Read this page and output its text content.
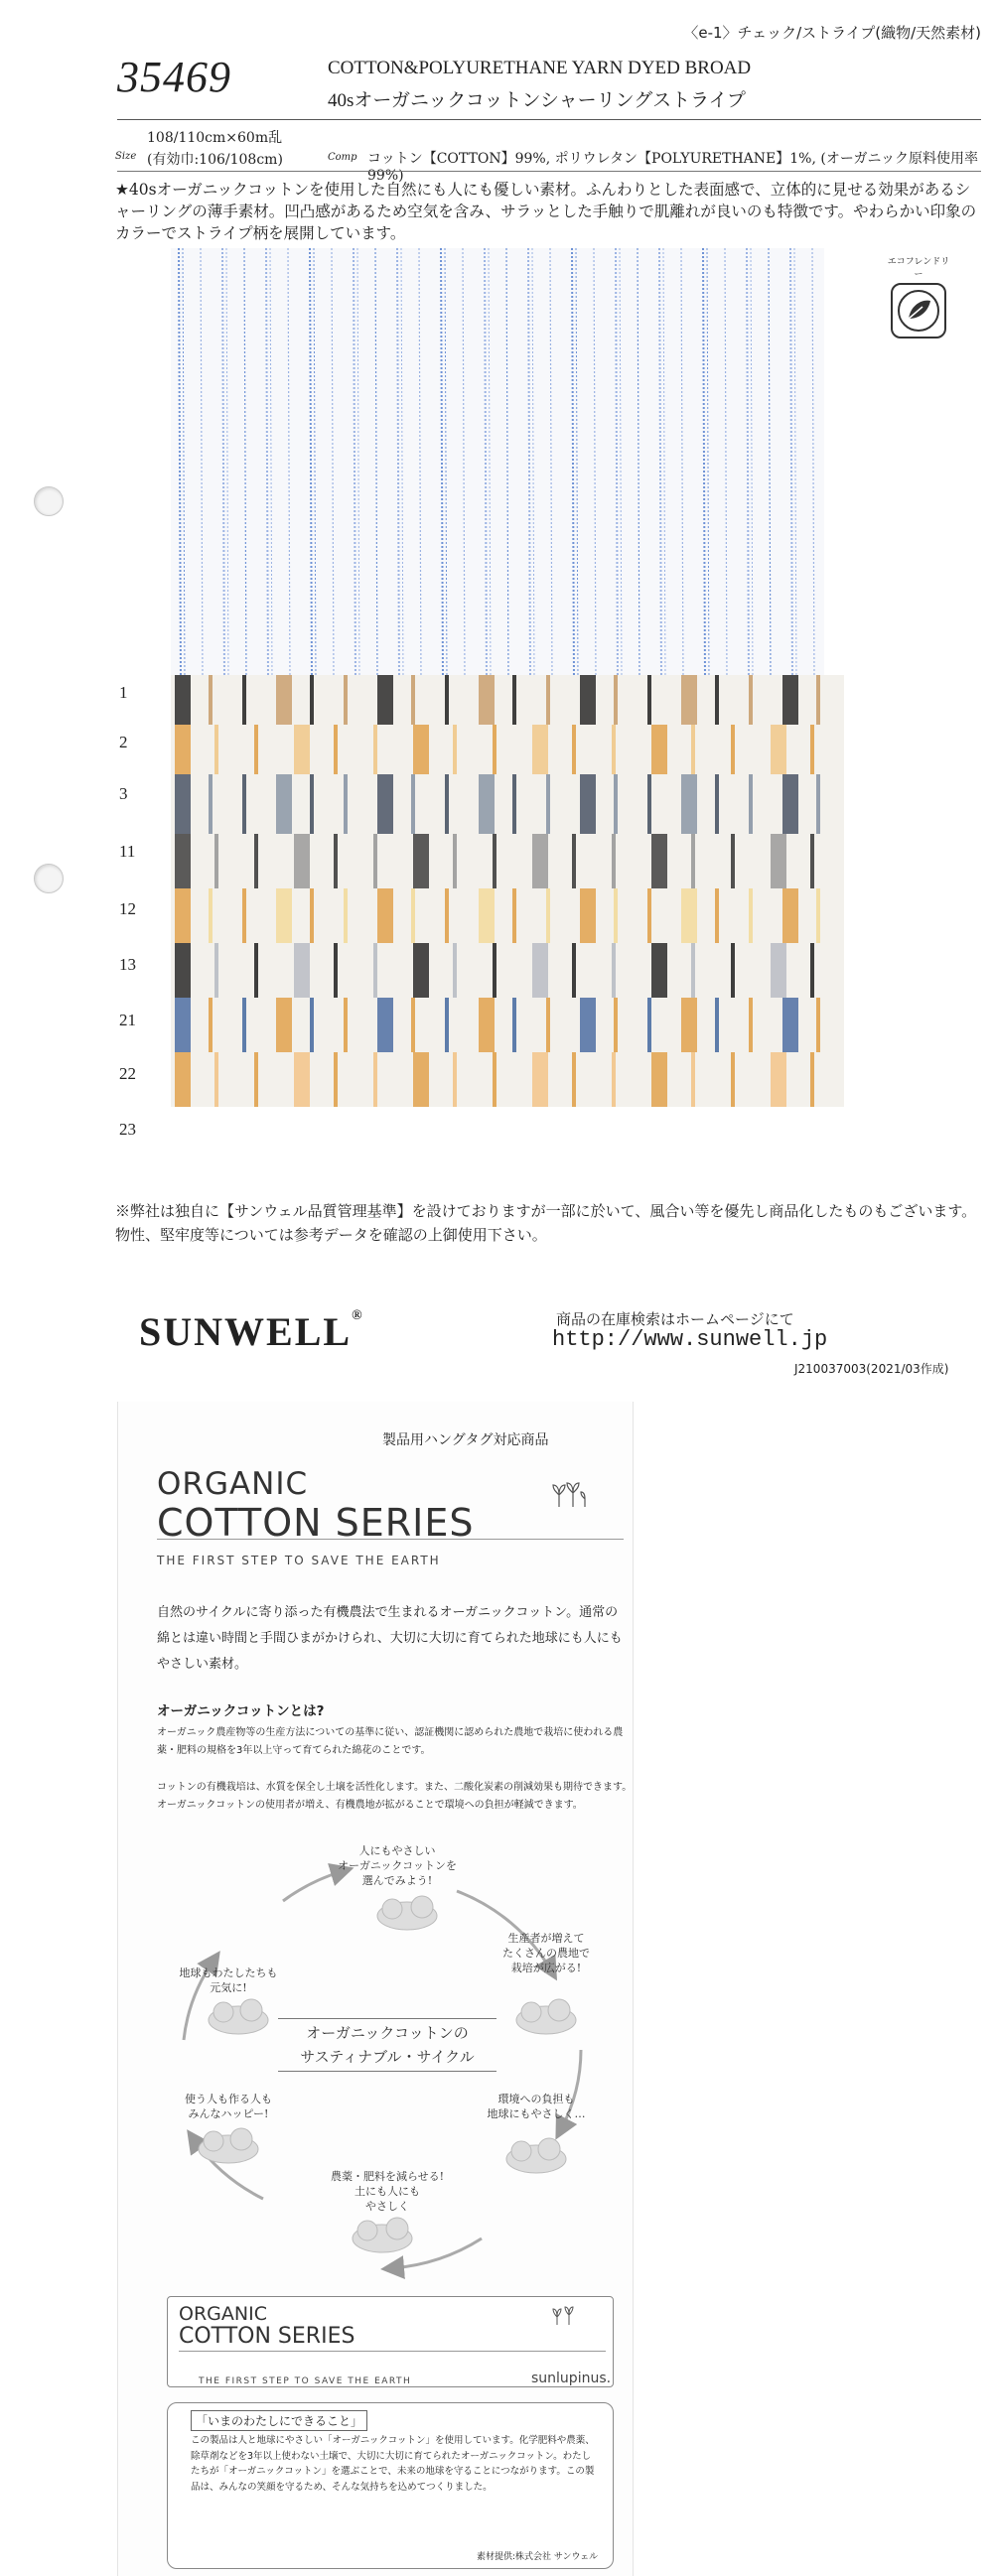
〈e-1〉チェック/ストライプ(織物/天然素材)
35469	COTTON&POLYURETHANE YARN DYED BROAD
40sオーガニックコットンシャーリングストライプ
108/110cm×60m乱
Size (有効巾:106/108cm)	Comp コットン【COTTON】99%, ポリウレタン【POLYURETHANE】1%, (オーガニック原料使用率99%)
★40sオーガニックコットンを使用した自然にも人にも優しい素材。ふんわりとした表面感で、立体的に見せる効果があるシャーリングの薄手素材。凹凸感があるため空気を含み、サラッとした手触りで肌離れが良いのも特徴です。やわらかい印象のカラーでストライプ柄を展開しています。
1
2
3
11
12
13
21
22
23
エコフレンドリー
※弊社は独自に【サンウェル品質管理基準】を設けておりますが一部に於いて、風合い等を優先し商品化したものもございます。物性、堅牢度等については参考データを確認の上御使用下さい。
SUNWELL®	商品の在庫検索はホームページにて
http://www.sunwell.jp
J210037003(2021/03作成)
製品用ハングタグ対応商品
ORGANIC
COTTON SERIES
THE FIRST STEP TO SAVE THE EARTH
自然のサイクルに寄り添った有機農法で生まれるオーガニックコットン。通常の綿とは違い時間と手間ひまがかけられ、大切に大切に育てられた地球にも人にもやさしい素材。
オーガニックコットンとは?
オーガニック農産物等の生産方法についての基準に従い、認証機関に認められた農地で栽培に使われる農薬・肥料の規格を3年以上守って育てられた綿花のことです。
コットンの有機栽培は、水質を保全し土壌を活性化します。また、二酸化炭素の削減効果も期待できます。オーガニックコットンの使用者が増え、有機農地が拡がることで環境への負担が軽減できます。
人にもやさしい
オーガニックコットンを
選んでみよう!
生産者が増えて
たくさんの農地で
栽培が広がる!
環境への負担も
地球にもやさしく…
農薬・肥料を減らせる!
土にも人にも
やさしく
使う人も作る人も
みんなハッピー!
地球もわたしたちも
元気に!
オーガニックコットンの
サスティナブル・サイクル
ORGANIC
COTTON SERIES
THE FIRST STEP TO SAVE THE EARTH	sunlupinus.
「いまのわたしにできること」
この製品は人と地球にやさしい「オーガニックコットン」を使用しています。化学肥料や農薬、除草剤などを3年以上使わない土壌で、大切に大切に育てられたオーガニックコットン。わたしたちが「オーガニックコットン」を選ぶことで、未来の地球を守ることにつながります。この製品は、みんなの笑顔を守るため、そんな気持ちを込めてつくりました。
素材提供:株式会社 サンウェル
